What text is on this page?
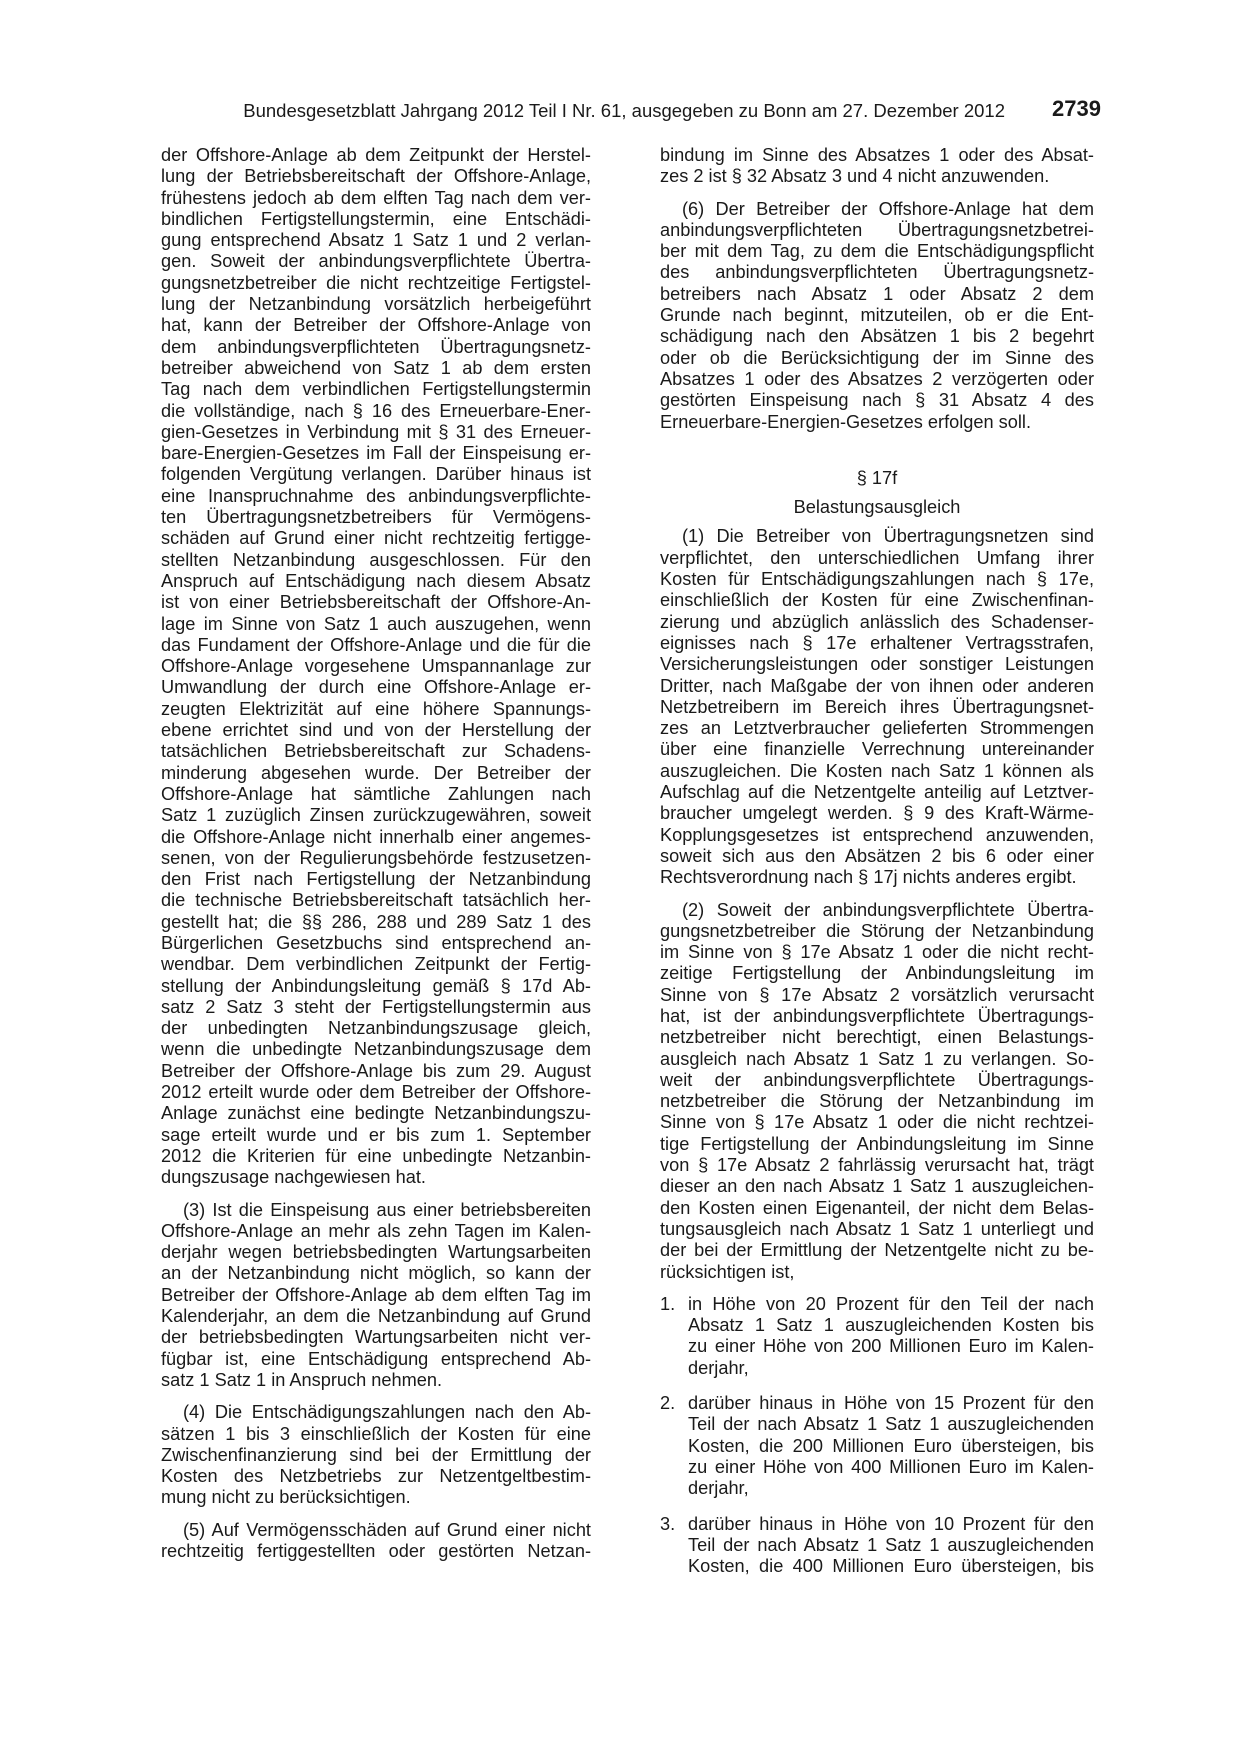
Bundesgesetzblatt Jahrgang 2012 Teil I Nr. 61, ausgegeben zu Bonn am 27. Dezember 2012 2739
der Offshore-Anlage ab dem Zeitpunkt der Herstel-
lung der Betriebsbereitschaft der Offshore-Anlage,
frühestens jedoch ab dem elften Tag nach dem ver-
bindlichen Fertigstellungstermin, eine Entschädi-
gung entsprechend Absatz 1 Satz 1 und 2 verlan-
gen. Soweit der anbindungsverpflichtete Übertra-
gungsnetzbetreiber die nicht rechtzeitige Fertigstel-
lung der Netzanbindung vorsätzlich herbeigeführt
hat, kann der Betreiber der Offshore-Anlage von
dem anbindungsverpflichteten Übertragungsnetz-
betreiber abweichend von Satz 1 ab dem ersten
Tag nach dem verbindlichen Fertigstellungstermin
die vollständige, nach § 16 des Erneuerbare-Ener-
gien-Gesetzes in Verbindung mit § 31 des Erneuer-
bare-Energien-Gesetzes im Fall der Einspeisung er-
folgenden Vergütung verlangen. Darüber hinaus ist
eine Inanspruchnahme des anbindungsverpflichte-
ten Übertragungsnetzbetreibers für Vermögens-
schäden auf Grund einer nicht rechtzeitig fertigge-
stellten Netzanbindung ausgeschlossen. Für den
Anspruch auf Entschädigung nach diesem Absatz
ist von einer Betriebsbereitschaft der Offshore-An-
lage im Sinne von Satz 1 auch auszugehen, wenn
das Fundament der Offshore-Anlage und die für die
Offshore-Anlage vorgesehene Umspannanlage zur
Umwandlung der durch eine Offshore-Anlage er-
zeugten Elektrizität auf eine höhere Spannungs-
ebene errichtet sind und von der Herstellung der
tatsächlichen Betriebsbereitschaft zur Schadens-
minderung abgesehen wurde. Der Betreiber der
Offshore-Anlage hat sämtliche Zahlungen nach
Satz 1 zuzüglich Zinsen zurückzugewähren, soweit
die Offshore-Anlage nicht innerhalb einer angemes-
senen, von der Regulierungsbehörde festzusetzen-
den Frist nach Fertigstellung der Netzanbindung
die technische Betriebsbereitschaft tatsächlich her-
gestellt hat; die §§ 286, 288 und 289 Satz 1 des
Bürgerlichen Gesetzbuchs sind entsprechend an-
wendbar. Dem verbindlichen Zeitpunkt der Fertig-
stellung der Anbindungsleitung gemäß § 17d Ab-
satz 2 Satz 3 steht der Fertigstellungstermin aus
der unbedingten Netzanbindungszusage gleich,
wenn die unbedingte Netzanbindungszusage dem
Betreiber der Offshore-Anlage bis zum 29. August
2012 erteilt wurde oder dem Betreiber der Offshore-
Anlage zunächst eine bedingte Netzanbindungszu-
sage erteilt wurde und er bis zum 1. September
2012 die Kriterien für eine unbedingte Netzanbin-
dungszusage nachgewiesen hat.
(3) Ist die Einspeisung aus einer betriebsbereiten
Offshore-Anlage an mehr als zehn Tagen im Kalen-
derjahr wegen betriebsbedingten Wartungsarbeiten
an der Netzanbindung nicht möglich, so kann der
Betreiber der Offshore-Anlage ab dem elften Tag im
Kalenderjahr, an dem die Netzanbindung auf Grund
der betriebsbedingten Wartungsarbeiten nicht ver-
fügbar ist, eine Entschädigung entsprechend Ab-
satz 1 Satz 1 in Anspruch nehmen.
(4) Die Entschädigungszahlungen nach den Ab-
sätzen 1 bis 3 einschließlich der Kosten für eine
Zwischenfinanzierung sind bei der Ermittlung der
Kosten des Netzbetriebs zur Netzentgeltbestim-
mung nicht zu berücksichtigen.
(5) Auf Vermögensschäden auf Grund einer nicht
rechtzeitig fertiggestellten oder gestörten Netzan-
bindung im Sinne des Absatzes 1 oder des Absat-
zes 2 ist § 32 Absatz 3 und 4 nicht anzuwenden.
(6) Der Betreiber der Offshore-Anlage hat dem
anbindungsverpflichteten Übertragungsnetzbetrei-
ber mit dem Tag, zu dem die Entschädigungspflicht
des anbindungsverpflichteten Übertragungsnetz-
betreibers nach Absatz 1 oder Absatz 2 dem
Grunde nach beginnt, mitzuteilen, ob er die Ent-
schädigung nach den Absätzen 1 bis 2 begehrt
oder ob die Berücksichtigung der im Sinne des
Absatzes 1 oder des Absatzes 2 verzögerten oder
gestörten Einspeisung nach § 31 Absatz 4 des
Erneuerbare-Energien-Gesetzes erfolgen soll.
§ 17f
Belastungsausgleich
(1) Die Betreiber von Übertragungsnetzen sind
verpflichtet, den unterschiedlichen Umfang ihrer
Kosten für Entschädigungszahlungen nach § 17e,
einschließlich der Kosten für eine Zwischenfinan-
zierung und abzüglich anlässlich des Schadenser-
eignisses nach § 17e erhaltener Vertragsstrafen,
Versicherungsleistungen oder sonstiger Leistungen
Dritter, nach Maßgabe der von ihnen oder anderen
Netzbetreibern im Bereich ihres Übertragungsnet-
zes an Letztverbraucher gelieferten Strommengen
über eine finanzielle Verrechnung untereinander
auszugleichen. Die Kosten nach Satz 1 können als
Aufschlag auf die Netzentgelte anteilig auf Letztver-
braucher umgelegt werden. § 9 des Kraft-Wärme-
Kopplungsgesetzes ist entsprechend anzuwenden,
soweit sich aus den Absätzen 2 bis 6 oder einer
Rechtsverordnung nach § 17j nichts anderes ergibt.
(2) Soweit der anbindungsverpflichtete Übertra-
gungsnetzbetreiber die Störung der Netzanbindung
im Sinne von § 17e Absatz 1 oder die nicht recht-
zeitige Fertigstellung der Anbindungsleitung im
Sinne von § 17e Absatz 2 vorsätzlich verursacht
hat, ist der anbindungsverpflichtete Übertragungs-
netzbetreiber nicht berechtigt, einen Belastungs-
ausgleich nach Absatz 1 Satz 1 zu verlangen. So-
weit der anbindungsverpflichtete Übertragungs-
netzbetreiber die Störung der Netzanbindung im
Sinne von § 17e Absatz 1 oder die nicht rechtzei-
tige Fertigstellung der Anbindungsleitung im Sinne
von § 17e Absatz 2 fahrlässig verursacht hat, trägt
dieser an den nach Absatz 1 Satz 1 auszugleichen-
den Kosten einen Eigenanteil, der nicht dem Belas-
tungsausgleich nach Absatz 1 Satz 1 unterliegt und
der bei der Ermittlung der Netzentgelte nicht zu be-
rücksichtigen ist,
1. in Höhe von 20 Prozent für den Teil der nach
Absatz 1 Satz 1 auszugleichenden Kosten bis
zu einer Höhe von 200 Millionen Euro im Kalen-
derjahr,
2. darüber hinaus in Höhe von 15 Prozent für den
Teil der nach Absatz 1 Satz 1 auszugleichenden
Kosten, die 200 Millionen Euro übersteigen, bis
zu einer Höhe von 400 Millionen Euro im Kalen-
derjahr,
3. darüber hinaus in Höhe von 10 Prozent für den
Teil der nach Absatz 1 Satz 1 auszugleichenden
Kosten, die 400 Millionen Euro übersteigen, bis
